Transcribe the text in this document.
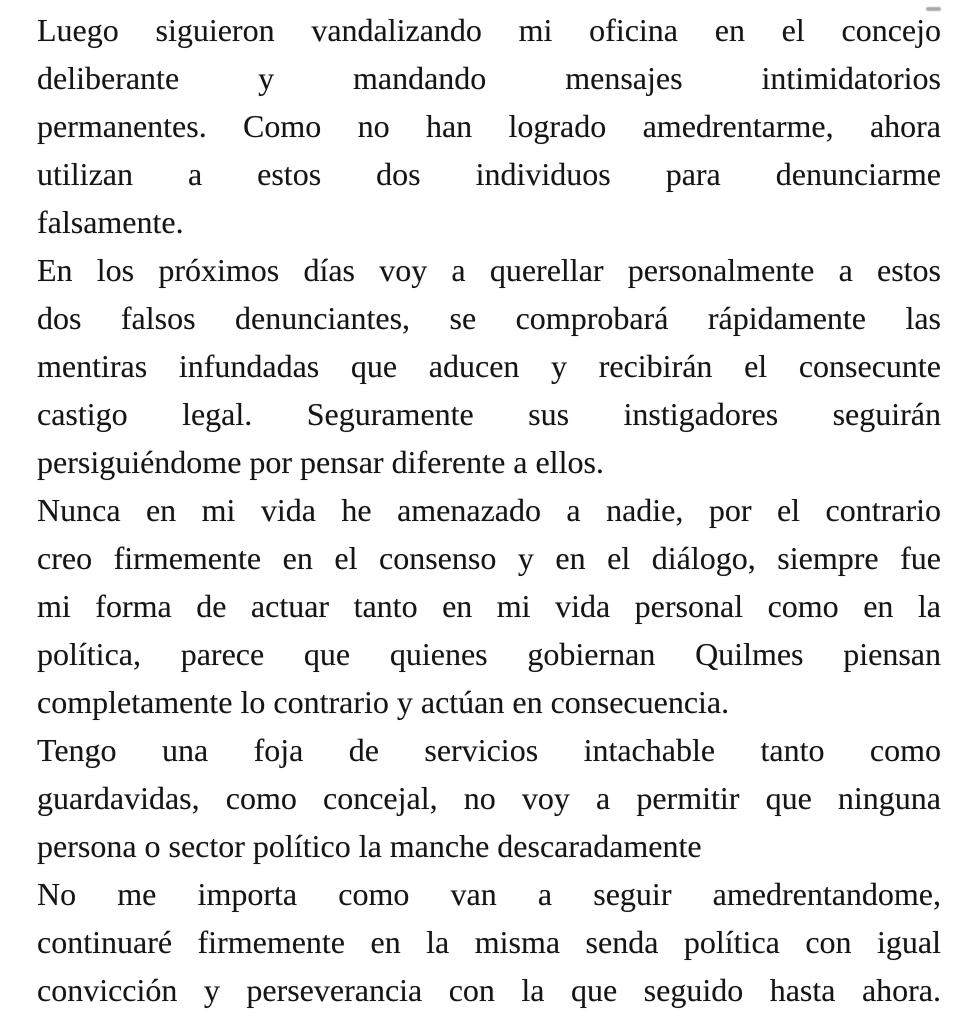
Luego siguieron vandalizando mi oficina en el concejo
deliberante y mandando mensajes intimidatorios
permanentes. Como no han logrado amedrentarme, ahora
utilizan a estos dos individuos para denunciarme
falsamente.
En los próximos días voy a querellar personalmente a estos
dos falsos denunciantes, se comprobará rápidamente las
mentiras infundadas que aducen y recibirán el consecunte
castigo legal. Seguramente sus instigadores seguirán
persiguiéndome por pensar diferente a ellos.
Nunca en mi vida he amenazado a nadie, por el contrario
creo firmemente en el consenso y en el diálogo, siempre fue
mi forma de actuar tanto en mi vida personal como en la
política, parece que quienes gobiernan Quilmes piensan
completamente lo contrario y actúan en consecuencia.
Tengo una foja de servicios intachable tanto como
guardavidas, como concejal, no voy a permitir que ninguna
persona o sector político la manche descaradamente
No me importa como van a seguir amedrentandome,
continuaré firmemente en la misma senda política con igual
convicción y perseverancia con la que seguido hasta ahora.
